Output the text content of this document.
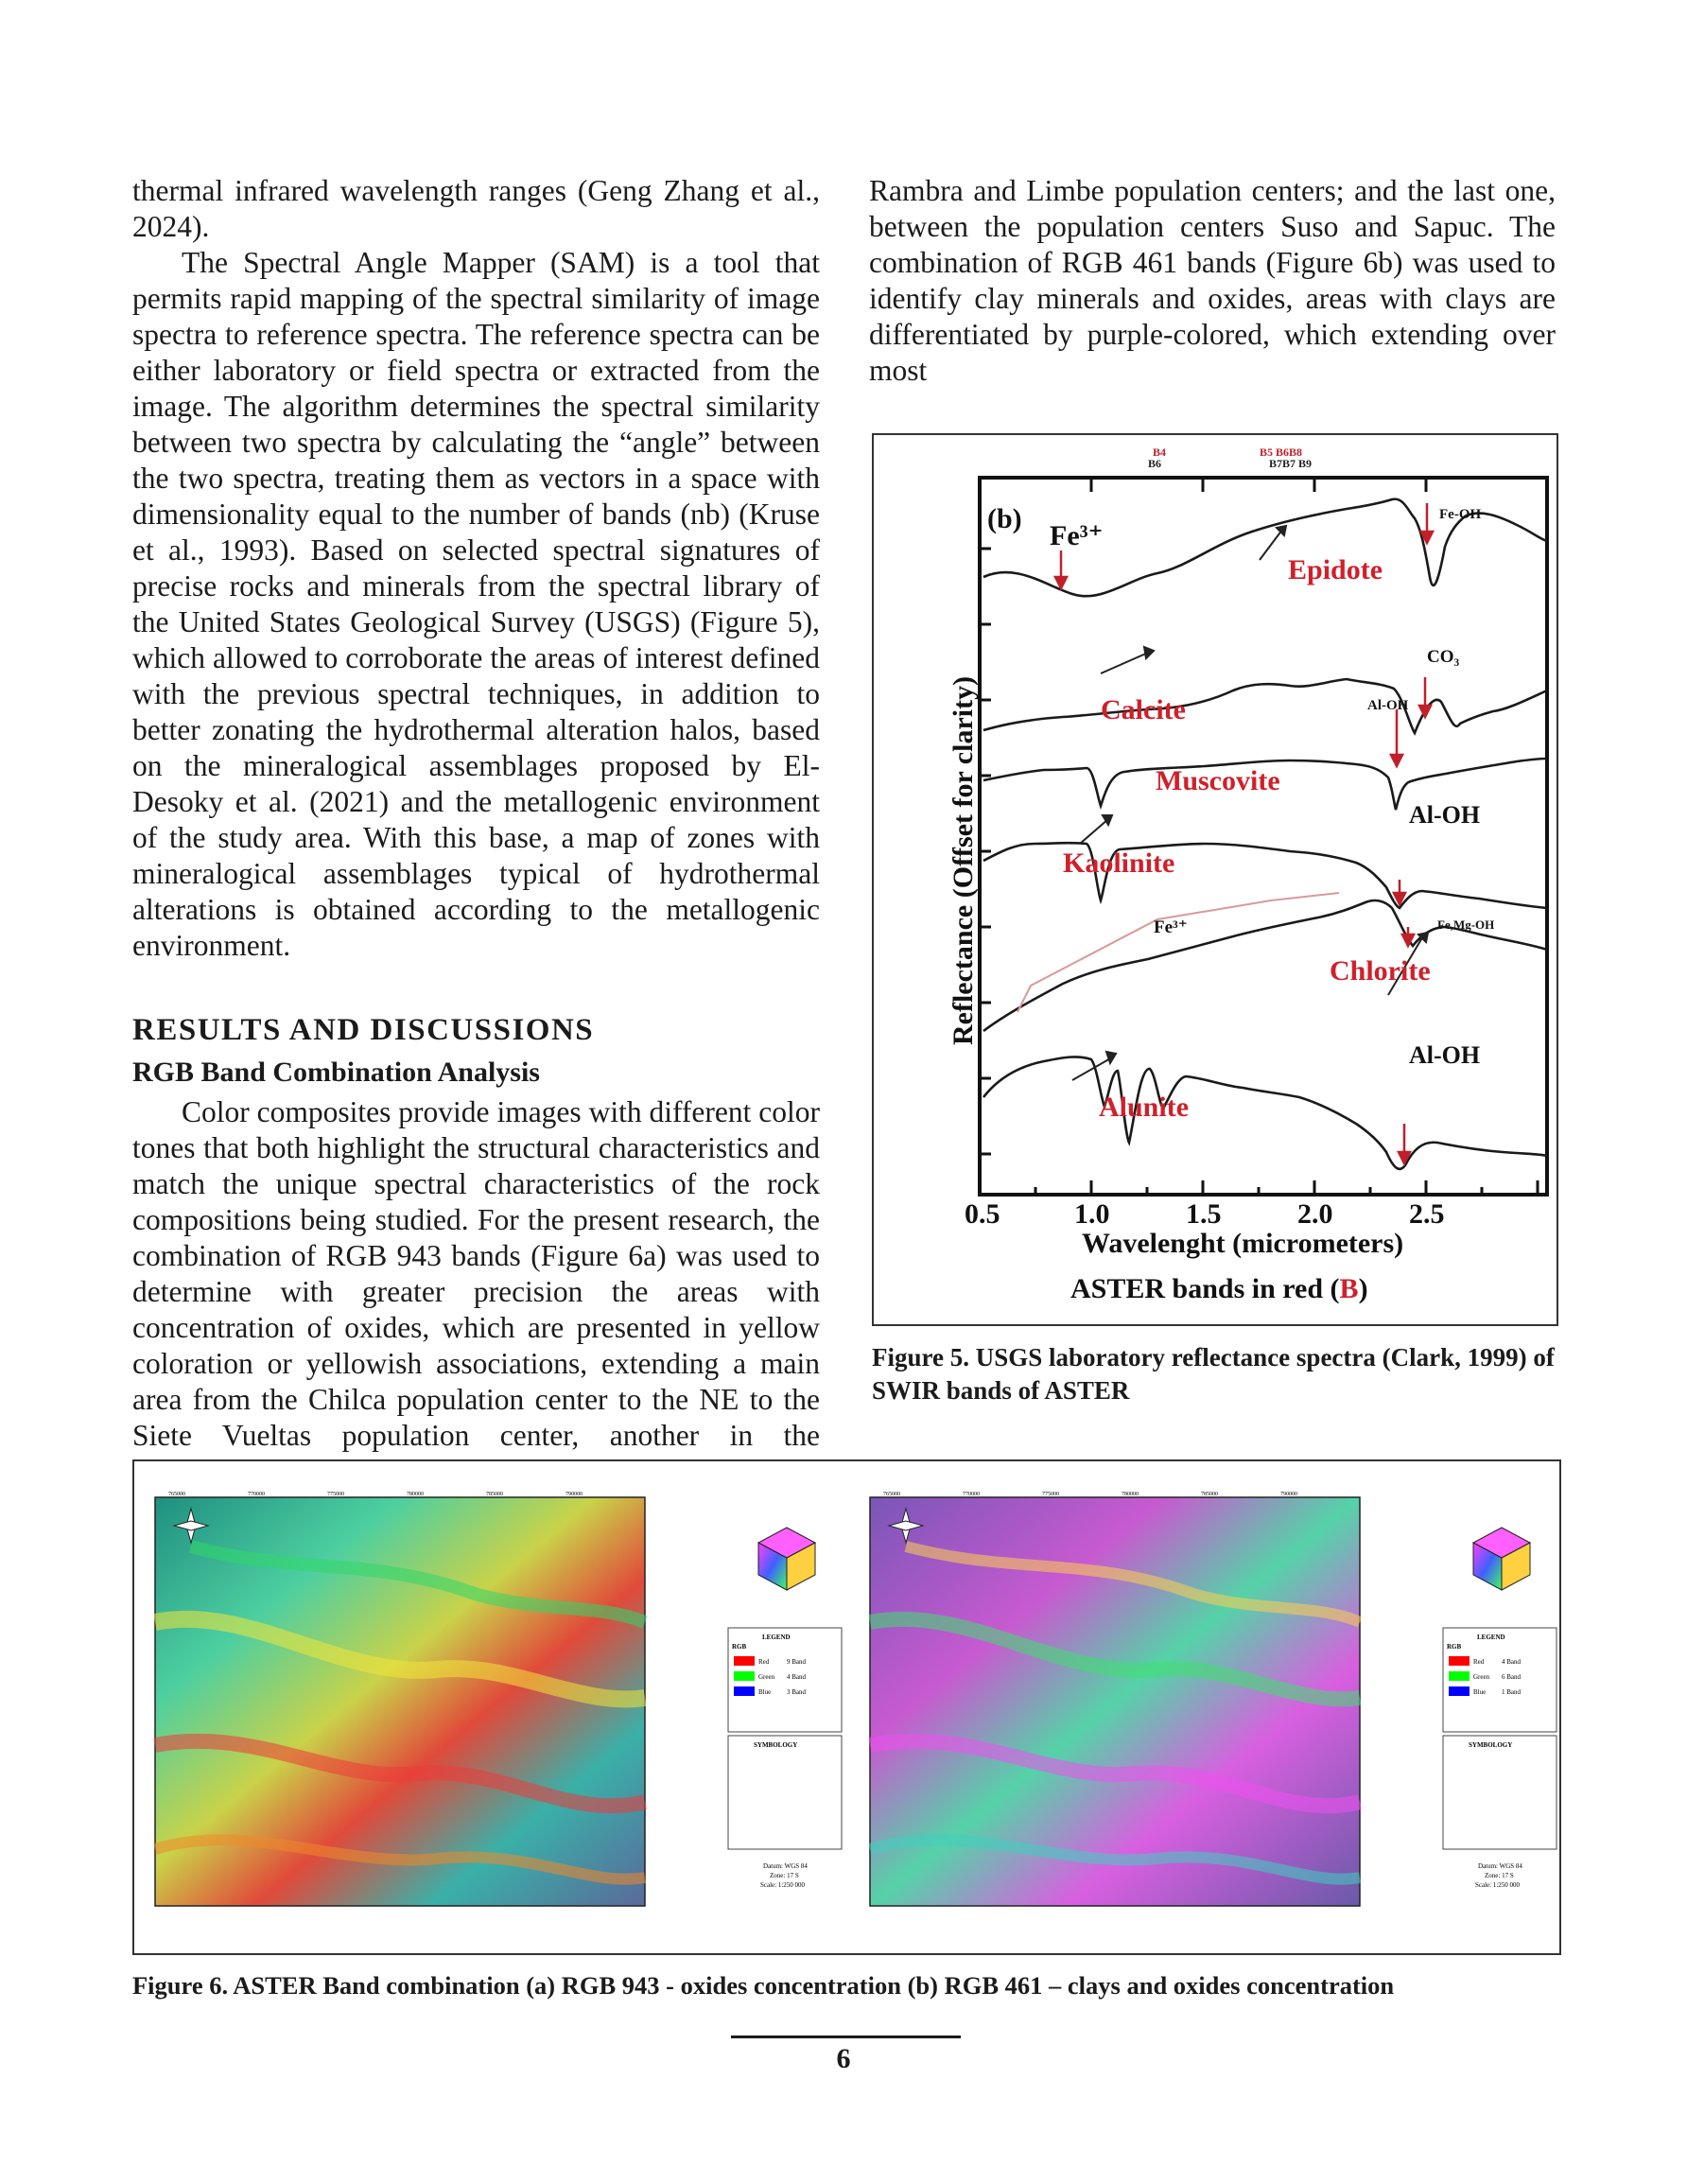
thermal infrared wavelength ranges (Geng Zhang et al., 2024).

The Spectral Angle Mapper (SAM) is a tool that permits rapid mapping of the spectral similarity of image spectra to reference spectra. The reference spectra can be either laboratory or field spectra or extracted from the image. The algorithm determines the spectral similarity between two spectra by calculating the “angle” between the two spectra, treating them as vectors in a space with dimensionality equal to the number of bands (nb) (Kruse et al., 1993). Based on selected spectral signatures of precise rocks and minerals from the spectral library of the United States Geological Survey (USGS) (Figure 5), which allowed to corroborate the areas of interest defined with the previous spectral techniques, in addition to better zonating the hydrothermal alteration halos, based on the mineralogical assemblages proposed by El-Desoky et al. (2021) and the metallogenic environment of the study area. With this base, a map of zones with mineralogical assemblages typical of hydrothermal alterations is obtained according to the metallogenic environment.

RESULTS AND DISCUSSIONS
RGB Band Combination Analysis

Color composites provide images with different color tones that both highlight the structural characteristics and match the unique spectral characteristics of the rock compositions being studied. For the present research, the combination of RGB 943 bands (Figure 6a) was used to determine with greater precision the areas with concentration of oxides, which are presented in yellow coloration or yellowish associations, extending a main area from the Chilca population center to the NE to the Siete Vueltas population center, another in the

Rambra and Limbe population centers; and the last one, between the population centers Suso and Sapuc. The combination of RGB 461 bands (Figure 6b) was used to identify clay minerals and oxides, areas with clays are differentiated by purple-colored, which extending over most

B4
B6
B5 B6B8
B7B7 B9
(b)
Fe³⁺
Fe-OH
Epidote
CO₃
Calcite	Al-OH
Muscovite
Al-OH
Kaolinite
Fe³⁺	Fe,Mg-OH
Chlorite
Al-OH
Alunite
Reflectance (Offset for clarity)
0.5	1.0	1.5	2.0	2.5
Wavelenght (micrometers)
ASTER bands in red (B)
Figure 5. USGS laboratory reflectance spectra (Clark, 1999) of SWIR bands of ASTER
LEGEND
RGB
Red	9 Band
Green 4 Band
Blue 3 Band
SYMBOLOGY
Datum: WGS 84
Zone: 17 S
Scale: 1:250 000
765000	770000	775000	780000	785000	790000
LEGEND
RGB
Red	4 Band
Green 6 Band
Blue 1 Band
SYMBOLOGY
Datum: WGS 84
Zone: 17 S
Scale: 1:250 000
765000	770000	775000	780000	785000	790000
Figure 6. ASTER Band combination (a) RGB 943 - oxides concentration (b) RGB 461 – clays and oxides concentration
6
